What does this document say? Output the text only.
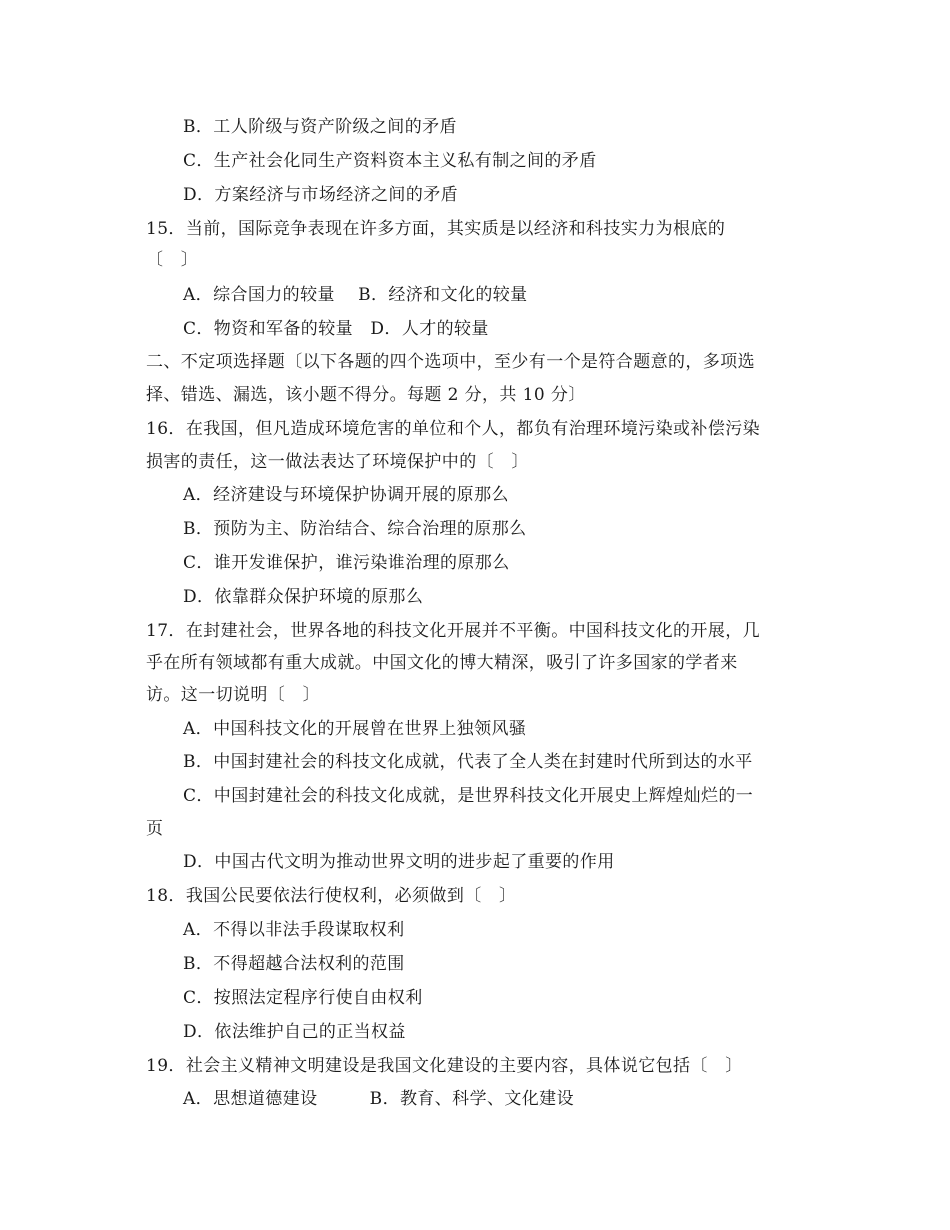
B．工人阶级与资产阶级之间的矛盾
C．生产社会化同生产资料资本主义私有制之间的矛盾
D．方案经济与市场经济之间的矛盾
15．当前，国际竞争表现在许多方面，其实质是以经济和科技实力为根底的
〔　〕
A．综合国力的较量　 B．经济和文化的较量
C．物资和军备的较量　D．人才的较量
二、不定项选择题〔以下各题的四个选项中，至少有一个是符合题意的，多项选
择、错选、漏选，该小题不得分。每题 2 分，共 10 分〕
16．在我国，但凡造成环境危害的单位和个人，都负有治理环境污染或补偿污染
损害的责任，这一做法表达了环境保护中的〔　〕
A．经济建设与环境保护协调开展的原那么
B．预防为主、防治结合、综合治理的原那么
C．谁开发谁保护，谁污染谁治理的原那么
D．依靠群众保护环境的原那么
17．在封建社会，世界各地的科技文化开展并不平衡。中国科技文化的开展，几
乎在所有领域都有重大成就。中国文化的博大精深，吸引了许多国家的学者来
访。这一切说明〔　〕
A．中国科技文化的开展曾在世界上独领风骚
B．中国封建社会的科技文化成就，代表了全人类在封建时代所到达的水平
C．中国封建社会的科技文化成就，是世界科技文化开展史上辉煌灿烂的一
页
D．中国古代文明为推动世界文明的进步起了重要的作用
18．我国公民要依法行使权利，必须做到〔　〕
A．不得以非法手段谋取权利
B．不得超越合法权利的范围
C．按照法定程序行使自由权利
D．依法维护自己的正当权益
19．社会主义精神文明建设是我国文化建设的主要内容，具体说它包括〔　〕
A．思想道德建设　　　B．教育、科学、文化建设
